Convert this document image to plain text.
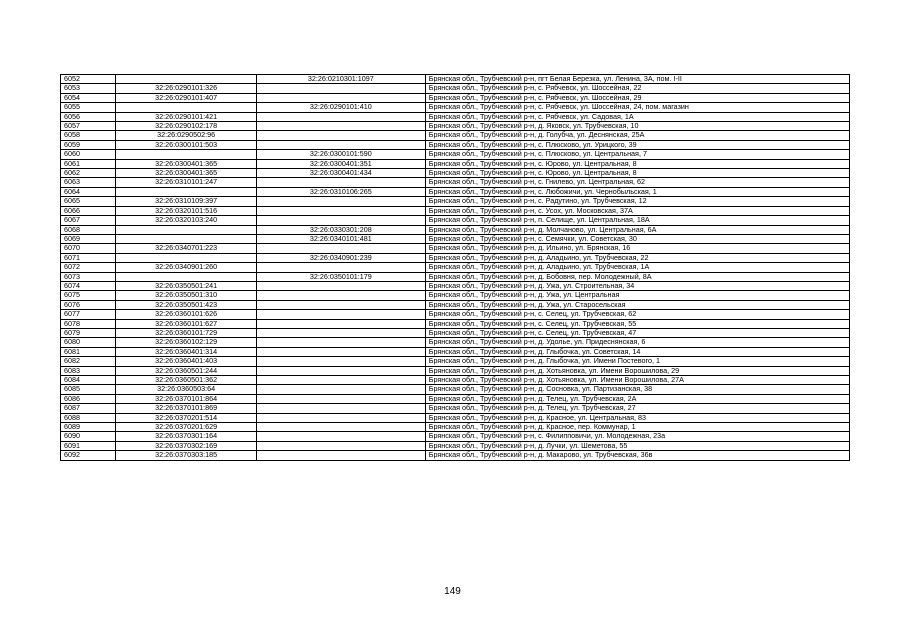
6052		32:26:0210301:1097	Брянская обл., Трубчевский р-н, пгт Белая Березка, ул. Ленина, 3А, пом. I-II
6053	32:26:0290101:326		Брянская обл., Трубчевский р-н, с. Рябчевск, ул. Шоссейная, 22
6054	32:26:0290101:407		Брянская обл., Трубчевский р-н, с. Рябчевск, ул. Шоссейная, 29
6055		32:26:0290101:410	Брянская обл., Трубчевский р-н, с. Рябчевск, ул. Шоссейная, 24, пом. магазин
6056	32:26:0290101:421		Брянская обл., Трубчевский р-н, с. Рябчевск, ул. Садовая, 1А
6057	32:26:0290102:178		Брянская обл., Трубчевский р-н, д. Яковск, ул. Трубчевская, 10
6058	32:26:0290502:96		Брянская обл., Трубчевский р-н, д. Голубча, ул. Деснянская, 25А
6059	32:26:0300101:503		Брянская обл., Трубчевский р-н, с. Плюсково, ул. Урицкого, 39
6060		32:26:0300101:590	Брянская обл., Трубчевский р-н, с. Плюсково, ул. Центральная, 7
6061	32:26:0300401:365	32:26:0300401:351	Брянская обл., Трубчевский р-н, с. Юрово, ул. Центральная, 8
6062	32:26:0300401:365	32:26:0300401:434	Брянская обл., Трубчевский р-н, с. Юрово, ул. Центральная, 8
6063	32:26:0310101:247		Брянская обл., Трубчевский р-н, с. Гнилево, ул. Центральная, 62
6064		32:26:0310106:265	Брянская обл., Трубчевский р-н, с. Любожичи, ул. Чернобыльская, 1
6065	32:26:0310109:397		Брянская обл., Трубчевский р-н, с. Радутино, ул. Трубчевская, 12
6066	32:26:0320101:516		Брянская обл., Трубчевский р-н, с. Усох, ул. Московская, 37А
6067	32:26:0320103:240		Брянская обл., Трубчевский р-н, п. Селище, ул. Центральная, 18А
6068		32:26:0330301:208	Брянская обл., Трубчевский р-н, д. Молчаново, ул. Центральная, 6А
6069		32:26:0340101:481	Брянская обл., Трубчевский р-н, с. Семячки, ул. Советская, 30
6070	32:26:0340701:223		Брянская обл., Трубчевский р-н, д. Ильино, ул. Брянская, 16
6071		32:26:0340901:239	Брянская обл., Трубчевский р-н, д. Аладьино, ул. Трубчевская, 22
6072	32:26:0340901:260		Брянская обл., Трубчевский р-н, д. Аладьино, ул. Трубчевская, 1А
6073		32:26:0350101:179	Брянская обл., Трубчевский р-н, д. Бобовня, пер. Молодежный, 8А
6074	32:26:0350501:241		Брянская обл., Трубчевский р-н, д. Ужа, ул. Строительная, 34
6075	32:26:0350501:310		Брянская обл., Трубчевский р-н, д. Ужа, ул. Центральная
6076	32:26:0350501:423		Брянская обл., Трубчевский р-н, д. Ужа, ул. Старосельская
6077	32:26:0360101:626		Брянская обл., Трубчевский р-н, с. Селец, ул. Трубчевская, 62
6078	32:26:0360101:627		Брянская обл., Трубчевский р-н, с. Селец, ул. Трубчевская, 55
6079	32:26:0360101:729		Брянская обл., Трубчевский р-н, с. Селец, ул. Трубчевская, 47
6080	32:26:0360102:129		Брянская обл., Трубчевский р-н, д. Удолье, ул. Придеснянская, 6
6081	32:26:0360401:314		Брянская обл., Трубчевский р-н, д. Глыбочка, ул. Советская, 14
6082	32:26:0360401:403		Брянская обл., Трубчевский р-н, д. Глыбочка, ул. Имени Постевого, 1
6083	32:26:0360501:244		Брянская обл., Трубчевский р-н, д. Хотьяновка, ул. Имени Ворошилова, 29
6084	32:26:0360501:362		Брянская обл., Трубчевский р-н, д. Хотьяновка, ул. Имени Ворошилова, 27А
6085	32:26:0360503:64		Брянская обл., Трубчевский р-н, д. Сосновка, ул. Партизанская, 38
6086	32:26:0370101:864		Брянская обл., Трубчевский р-н, д. Телец, ул. Трубчевская, 2А
6087	32:26:0370101:869		Брянская обл., Трубчевский р-н, д. Телец, ул. Трубчевская, 27
6088	32:26:0370201:514		Брянская обл., Трубчевский р-н, д. Красное, ул. Центральная, 83
6089	32:26:0370201:629		Брянская обл., Трубчевский р-н, д. Красное, пер. Коммунар, 1
6090	32:26:0370301:164		Брянская обл., Трубчевский р-н, с. Филипповичи, ул. Молодежная, 23а
6091	32:26:0370302:169		Брянская обл., Трубчевский р-н, д. Лучки, ул. Шеметова, 55
6092	32:26:0370303:185		Брянская обл., Трубчевский р-н, д. Макарово, ул. Трубчевская, 36в
149
